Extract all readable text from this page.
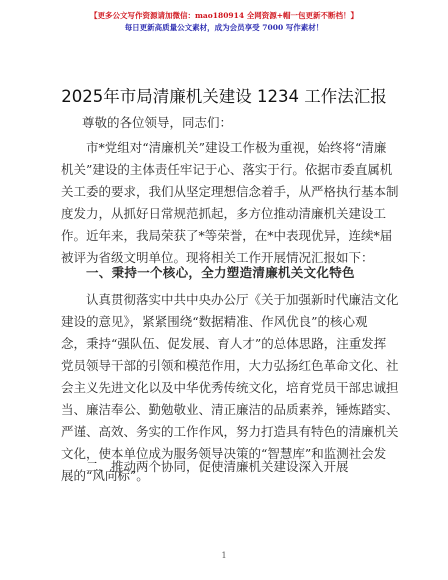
【更多公文写作资源请加微信：mao180914 全网资源+帽一包更新不断档！】
每日更新高质量公文素材，成为会员享受 7000 写作素材！
2025年市局清廉机关建设 1234 工作法汇报
尊敬的各位领导，同志们：
市*党组对“清廉机关”建设工作极为重视，始终将“清廉
机关”建设的主体责任牢记于心、落实于行。依据市委直属机
关工委的要求，我们从坚定理想信念着手，从严格执行基本制
度发力，从抓好日常规范抓起，多方位推动清廉机关建设工
作。近年来，我局荣获了*等荣誉，在*中表现优异，连续*届
被评为省级文明单位。现将相关工作开展情况汇报如下：
一、秉持一个核心，全力塑造清廉机关文化特色
认真贯彻落实中共中央办公厅《关于加强新时代廉洁文化
建设的意见》，紧紧围绕“数据精准、作风优良”的核心观
念，秉持“强队伍、促发展、育人才”的总体思路，注重发挥
党员领导干部的引领和模范作用，大力弘扬红色革命文化、社
会主义先进文化以及中华优秀传统文化，培育党员干部忠诚担
当、廉洁奉公、勤勉敬业、清正廉洁的品质素养，锤炼踏实、
严谨、高效、务实的工作作风，努力打造具有特色的清廉机关
文化，使本单位成为服务领导决策的“智慧库”和监测社会发
展的“风向标”。
二、推动两个协同，促使清廉机关建设深入开展
1
